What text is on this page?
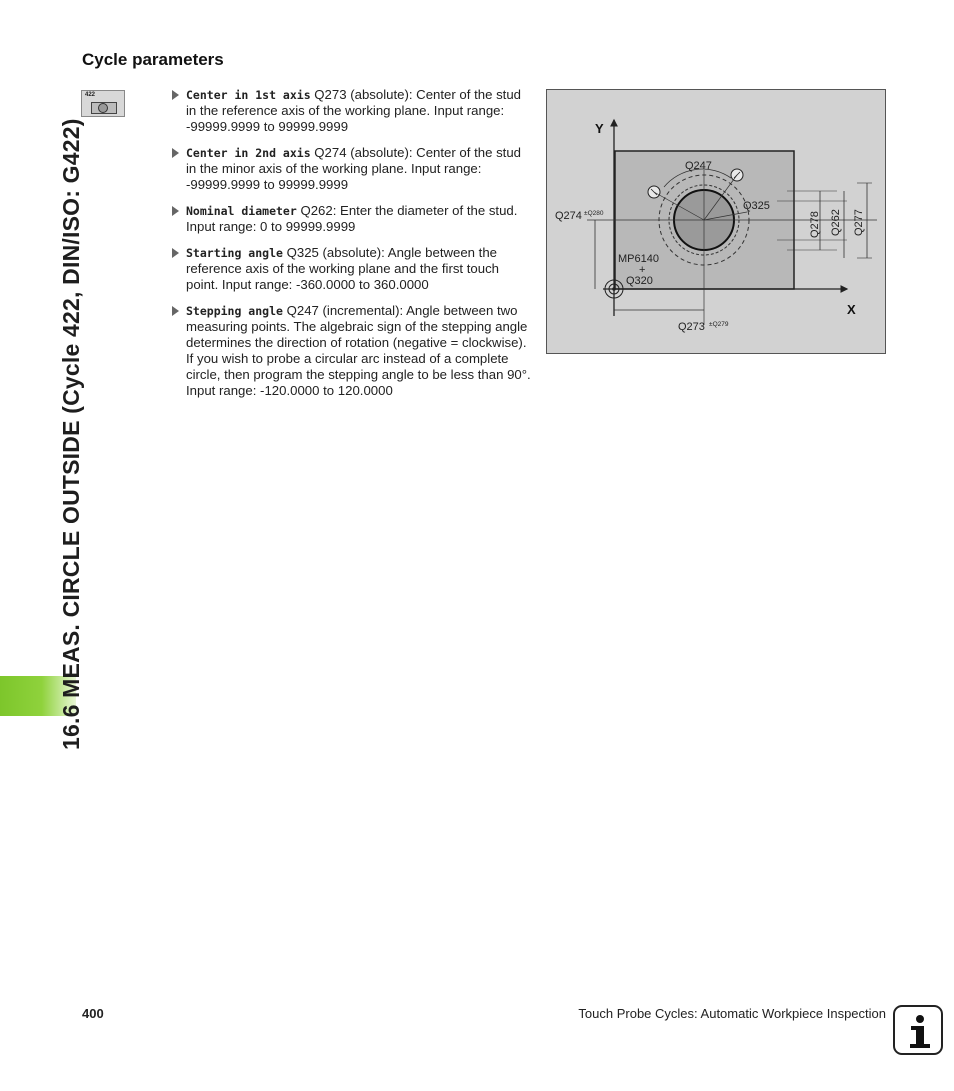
16.6 MEAS. CIRCLE OUTSIDE (Cycle 422, DIN/ISO: G422)
Cycle parameters
422	Center in 1st axis Q273 (absolute): Center of the stud in the reference axis of the working plane. Input range: -99999.9999 to 99999.9999
Center in 2nd axis Q274 (absolute): Center of the stud in the minor axis of the working plane. Input range: -99999.9999 to 99999.9999
Nominal diameter Q262: Enter the diameter of the stud. Input range: 0 to 99999.9999
Starting angle Q325 (absolute): Angle between the reference axis of the working plane and the first touch point. Input range: -360.0000 to 360.0000
Stepping angle Q247 (incremental): Angle between two measuring points. The algebraic sign of the stepping angle determines the direction of rotation (negative = clockwise). If you wish to probe a circular arc instead of a complete circle, then program the stepping angle to be less than 90°. Input range: -120.0000 to 120.0000
Y
X
Q247
Q325
Q274 ±Q280
Q273 ±Q279
MP6140
+
Q320
Q278 Q262 Q277
400	Touch Probe Cycles: Automatic Workpiece Inspection
